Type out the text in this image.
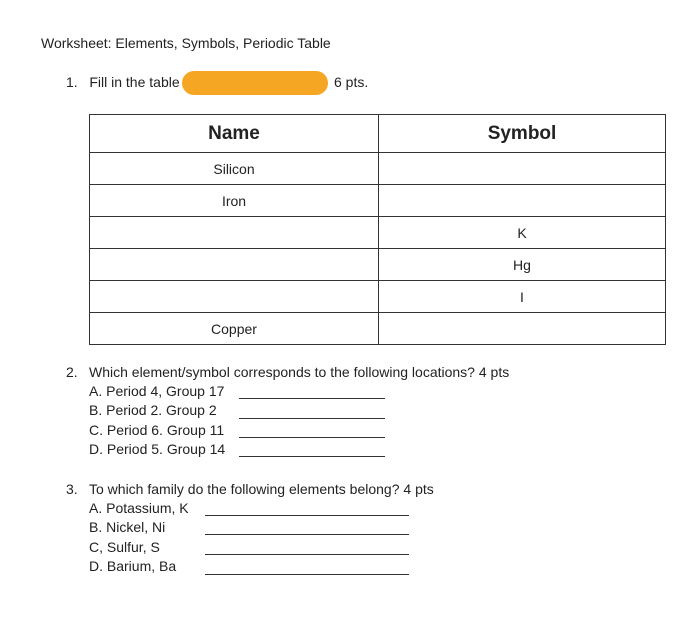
Worksheet: Elements, Symbols, Periodic Table
1. Fill in the table	6 pts.
Name	Symbol
Silicon	
Iron	
	K
	Hg
	I
Copper	
2. Which element/symbol corresponds to the following locations? 4 pts
A. Period 4, Group 17
B. Period 2. Group 2
C. Period 6. Group 11
D. Period 5. Group 14
3. To which family do the following elements belong? 4 pts
A. Potassium, K
B. Nickel, Ni
C, Sulfur, S
D. Barium, Ba
